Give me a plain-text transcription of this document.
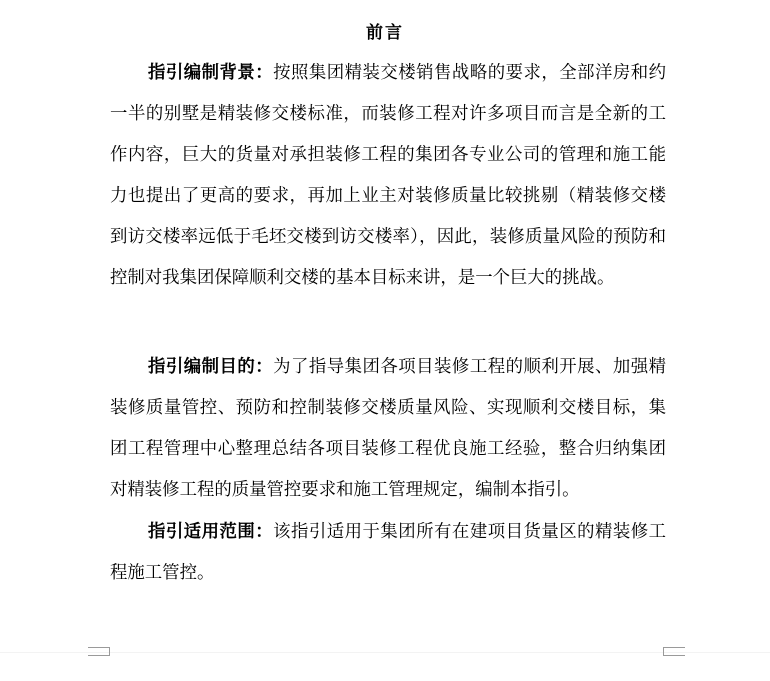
前言

指引编制背景：按照集团精装交楼销售战略的要求，全部洋房和约一半的别墅是精装修交楼标准，而装修工程对许多项目而言是全新的工作内容，巨大的货量对承担装修工程的集团各专业公司的管理和施工能力也提出了更高的要求，再加上业主对装修质量比较挑剔（精装修交楼到访交楼率远低于毛坯交楼到访交楼率），因此，装修质量风险的预防和控制对我集团保障顺利交楼的基本目标来讲，是一个巨大的挑战。

指引编制目的：为了指导集团各项目装修工程的顺利开展、加强精装修质量管控、预防和控制装修交楼质量风险、实现顺利交楼目标，集团工程管理中心整理总结各项目装修工程优良施工经验，整合归纳集团对精装修工程的质量管控要求和施工管理规定，编制本指引。

指引适用范围：该指引适用于集团所有在建项目货量区的精装修工程施工管控。
